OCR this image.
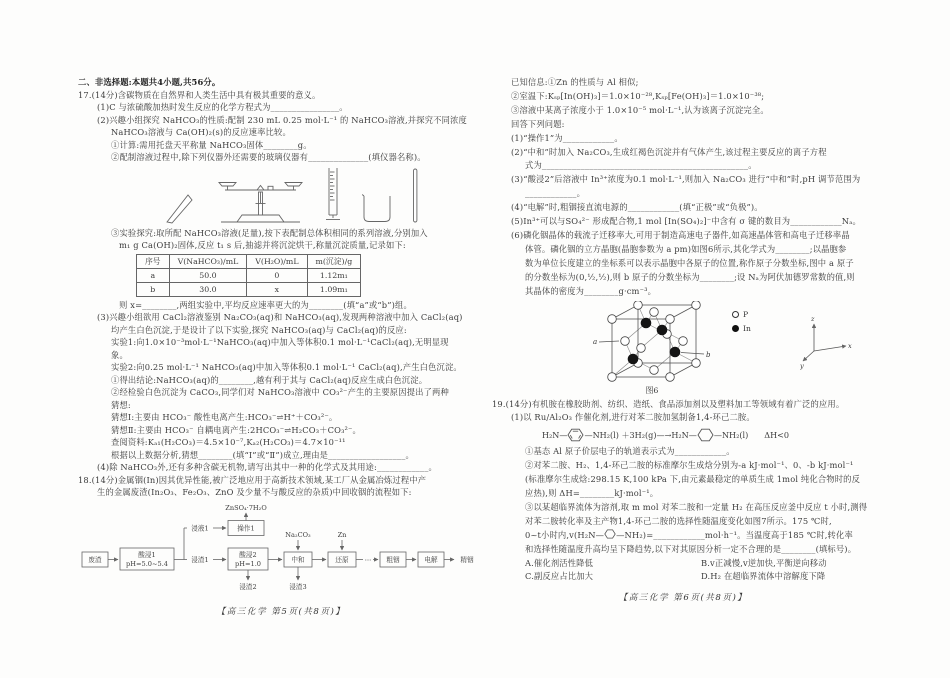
二、非选择题:本题共4小题,共56分。
17.(14分)含碳物质在自然界和人类生活中具有极其重要的意义。
(1)C 与浓硫酸加热时发生反应的化学方程式为________________。
(2)兴趣小组探究 NaHCO₃的性质:配制 230 mL 0.25 mol·L⁻¹ 的 NaHCO₃溶液,并探究不同浓度
NaHCO₃溶液与 Ca(OH)₂(s)的反应速率比较。
①计算:需用托盘天平称量 NaHCO₃固体________g。
②配制溶液过程中,除下列仪器外还需要的玻璃仪器有______________(填仪器名称)。
③实验探究:取所配 NaHCO₃溶液(足量),按下表配制总体积相同的系列溶液,分别加入
m₁ g Ca(OH)₂固体,反应 t₁ s 后,抽滤并将沉淀烘干,称量沉淀质量,记录如下:
序号	V(NaHCO₃)/mL	V(H₂O)/mL	m(沉淀)/g
a	50.0	0	1.12m₁
b	30.0	x	1.09m₁
则 x=________,两组实验中,平均反应速率更大的为________(填“a”或“b”)组。
(3)兴趣小组欲用 CaCl₂溶液鉴别 Na₂CO₃(aq)和 NaHCO₃(aq),发现两种溶液中加入 CaCl₂(aq)
均产生白色沉淀,于是设计了以下实验,探究 NaHCO₃(aq)与 CaCl₂(aq)的反应:
实验1:向1.0×10⁻³mol·L⁻¹NaHCO₃(aq)中加入等体积0.1 mol·L⁻¹CaCl₂(aq),无明显现
象。
实验2:向0.25 mol·L⁻¹ NaHCO₃(aq)中加入等体积0.1 mol·L⁻¹ CaCl₂(aq),产生白色沉淀。
①得出结论:NaHCO₃(aq)的________,越有利于其与 CaCl₂(aq)反应生成白色沉淀。
②经检验白色沉淀为 CaCO₃,同学们对 NaHCO₃溶液中 CO₃²⁻产生的主要原因提出了两种
猜想:
猜想Ⅰ:主要由 HCO₃⁻ 酸性电离产生:HCO₃⁻⇌H⁺＋CO₃²⁻。
猜想Ⅱ:主要由 HCO₃⁻ 自耦电离产生:2HCO₃⁻⇌H₂CO₃＋CO₃²⁻。
查阅资料:Kₐ₁(H₂CO₃)＝4.5×10⁻⁷,Kₐ₂(H₂CO₃)＝4.7×10⁻¹¹
根据以上数据分析,猜想________(填“Ⅰ”或“Ⅱ”)成立,理由是__________________。
(4)除 NaHCO₃外,还有多种含碳无机物,请写出其中一种的化学式及其用途:____________。
18.(14分)金属铟(In)因其优异性能,被广泛地应用于高新技术领域,某工厂从金属冶炼过程中产
生的金属废渣(In₂O₃、Fe₂O₃、ZnO 及少量不与酸反应的杂质)中回收铟的流程如下:
ZnSO₄·7H₂O
废渣
酸浸1
pH=5.0~5.4
浸液1	操作1
浸渣1
酸浸2
pH=1.0	中和	还原 ⋯ 粗铟	电解	精铟
Na₂CO₃	Zn
浸渣2	浸渣3
【高三化学 第5页(共8页)】
已知信息:①Zn 的性质与 Al 相似;
②室温下:Kₛₚ[In(OH)₃]＝1.0×10⁻²⁸,Kₛₚ[Fe(OH)₃]＝1.0×10⁻³⁸;
③溶液中某离子浓度小于 1.0×10⁻⁵ mol·L⁻¹,认为该离子沉淀完全。
回答下列问题:
(1)“操作1”为____________。
(2)“中和”时加入 Na₂CO₃,生成红褐色沉淀并有气体产生,该过程主要反应的离子方程
式为________________________________________________。
(3)“酸浸2”后溶液中 In³⁺浓度为0.1 mol·L⁻¹,则加入 Na₂CO₃ 进行“中和”时,pH 调节范围为
____________。
(4)“电解”时,粗铟接直流电源的____________(填“正极”或“负极”)。
(5)In³⁺可以与SO₄²⁻ 形成配合物,1 mol [In(SO₄)₂]⁻中含有 σ 键的数目为____________Nₐ。
(6)磷化铟晶体的载流子迁移率大,可用于制造高速电子器件,如高速晶体管和高电子迁移率晶
体管。磷化铟的立方晶胞(晶胞参数为 a pm)如图6所示,其化学式为________;以晶胞参
数为单位长度建立的坐标系可以表示晶胞中各原子的位置,称作原子分数坐标,图中 a 原子
的分数坐标为(0,½,½),则 b 原子的分数坐标为________;设 Nₐ为阿伏加德罗常数的值,则
其晶体的密度为________g·cm⁻³。
a
b
P
In
z
x
y
图6
19.(14分)有机胺在橡胶助剂、纺织、造纸、食品添加剂以及塑料加工等领域有着广泛的应用。
(1)以 Ru/Al₂O₃ 作催化剂,进行对苯二胺加氢制备1,4-环己二胺。
H₂N— —NH₂(l) ＋3H₂(g) —→ H₂N— —NH₂(l) ΔH<0
①基态 Al 原子价层电子的轨道表示式为____________。
②对苯二胺、H₂、1,4-环己二胺的标准摩尔生成焓分别为-a kJ·mol⁻¹、0、-b kJ·mol⁻¹
(标准摩尔生成焓:298.15 K,100 kPa 下,由元素最稳定的单质生成 1mol 纯化合物时的反
应热),则 ΔH=________kJ·mol⁻¹。
③以某超临界流体为溶剂,取 m mol 对苯二胺和一定量 H₂ 在高压反应釜中反应 t 小时,测得
对苯二胺转化率及主产物1,4-环己二胺的选择性随温度变化如图7所示。175 ℃时,
0~t小时内,v(H₂N— —NH₂)=____________mol·h⁻¹。当温度高于185 ℃时,转化率
和选择性随温度升高均呈下降趋势,以下对其原因分析一定不合理的是________(填标号)。
A.催化剂活性降低	B.v正减慢,v逆加快,平衡逆向移动
C.副反应占比加大	D.H₂ 在超临界流体中溶解度下降
【高三化学 第6页(共8页)】
